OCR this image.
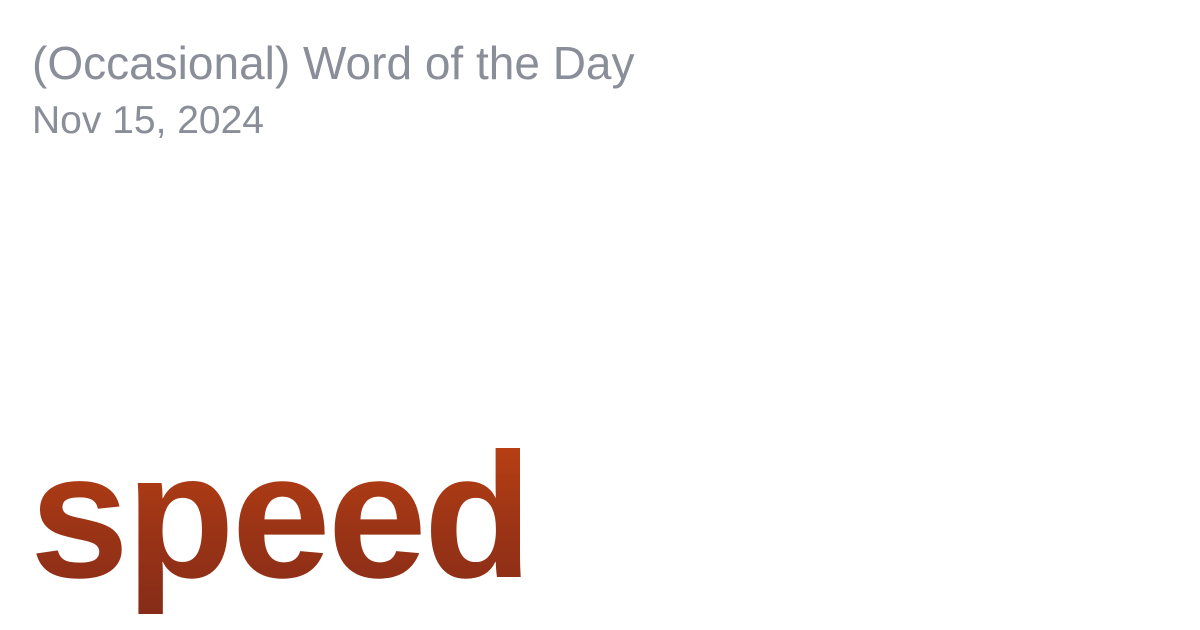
(Occasional) Word of the Day
Nov 15, 2024
speed
